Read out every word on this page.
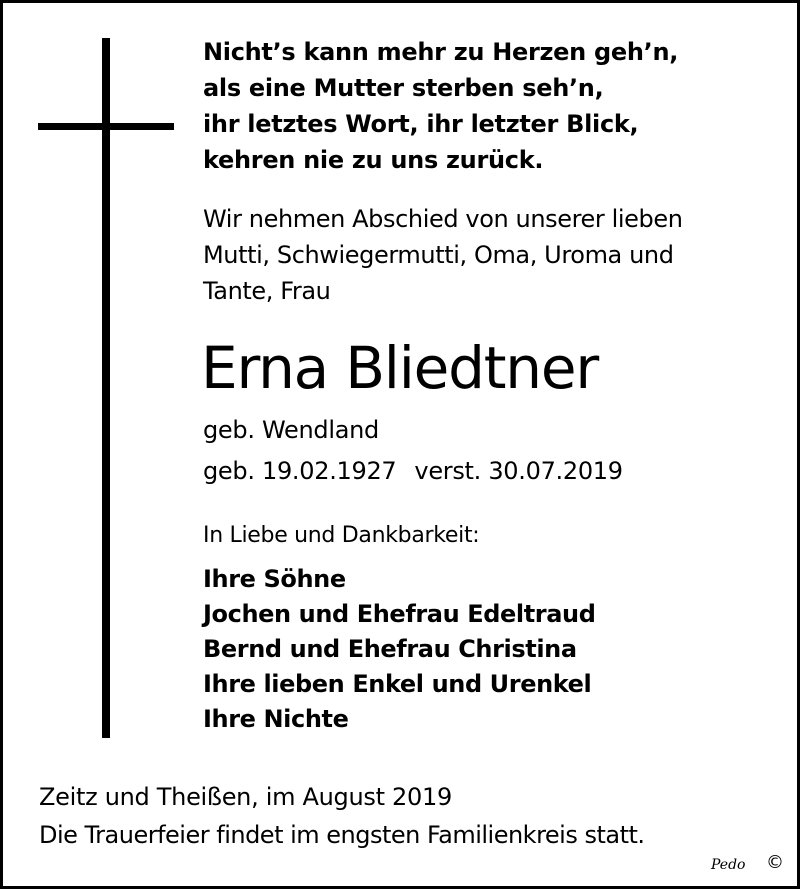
Nicht’s kann mehr zu Herzen geh’n,
als eine Mutter sterben seh’n,
ihr letztes Wort, ihr letzter Blick,
kehren nie zu uns zurück.
Wir nehmen Abschied von unserer lieben
Mutti, Schwiegermutti, Oma, Uroma und
Tante, Frau
Erna Bliedtner
geb. Wendland
geb. 19.02.1927 verst. 30.07.2019
In Liebe und Dankbarkeit:
Ihre Söhne
Jochen und Ehefrau Edeltraud
Bernd und Ehefrau Christina
Ihre lieben Enkel und Urenkel
Ihre Nichte
Zeitz und Theißen, im August 2019
Die Trauerfeier findet im engsten Familienkreis statt.
Pedo ©
